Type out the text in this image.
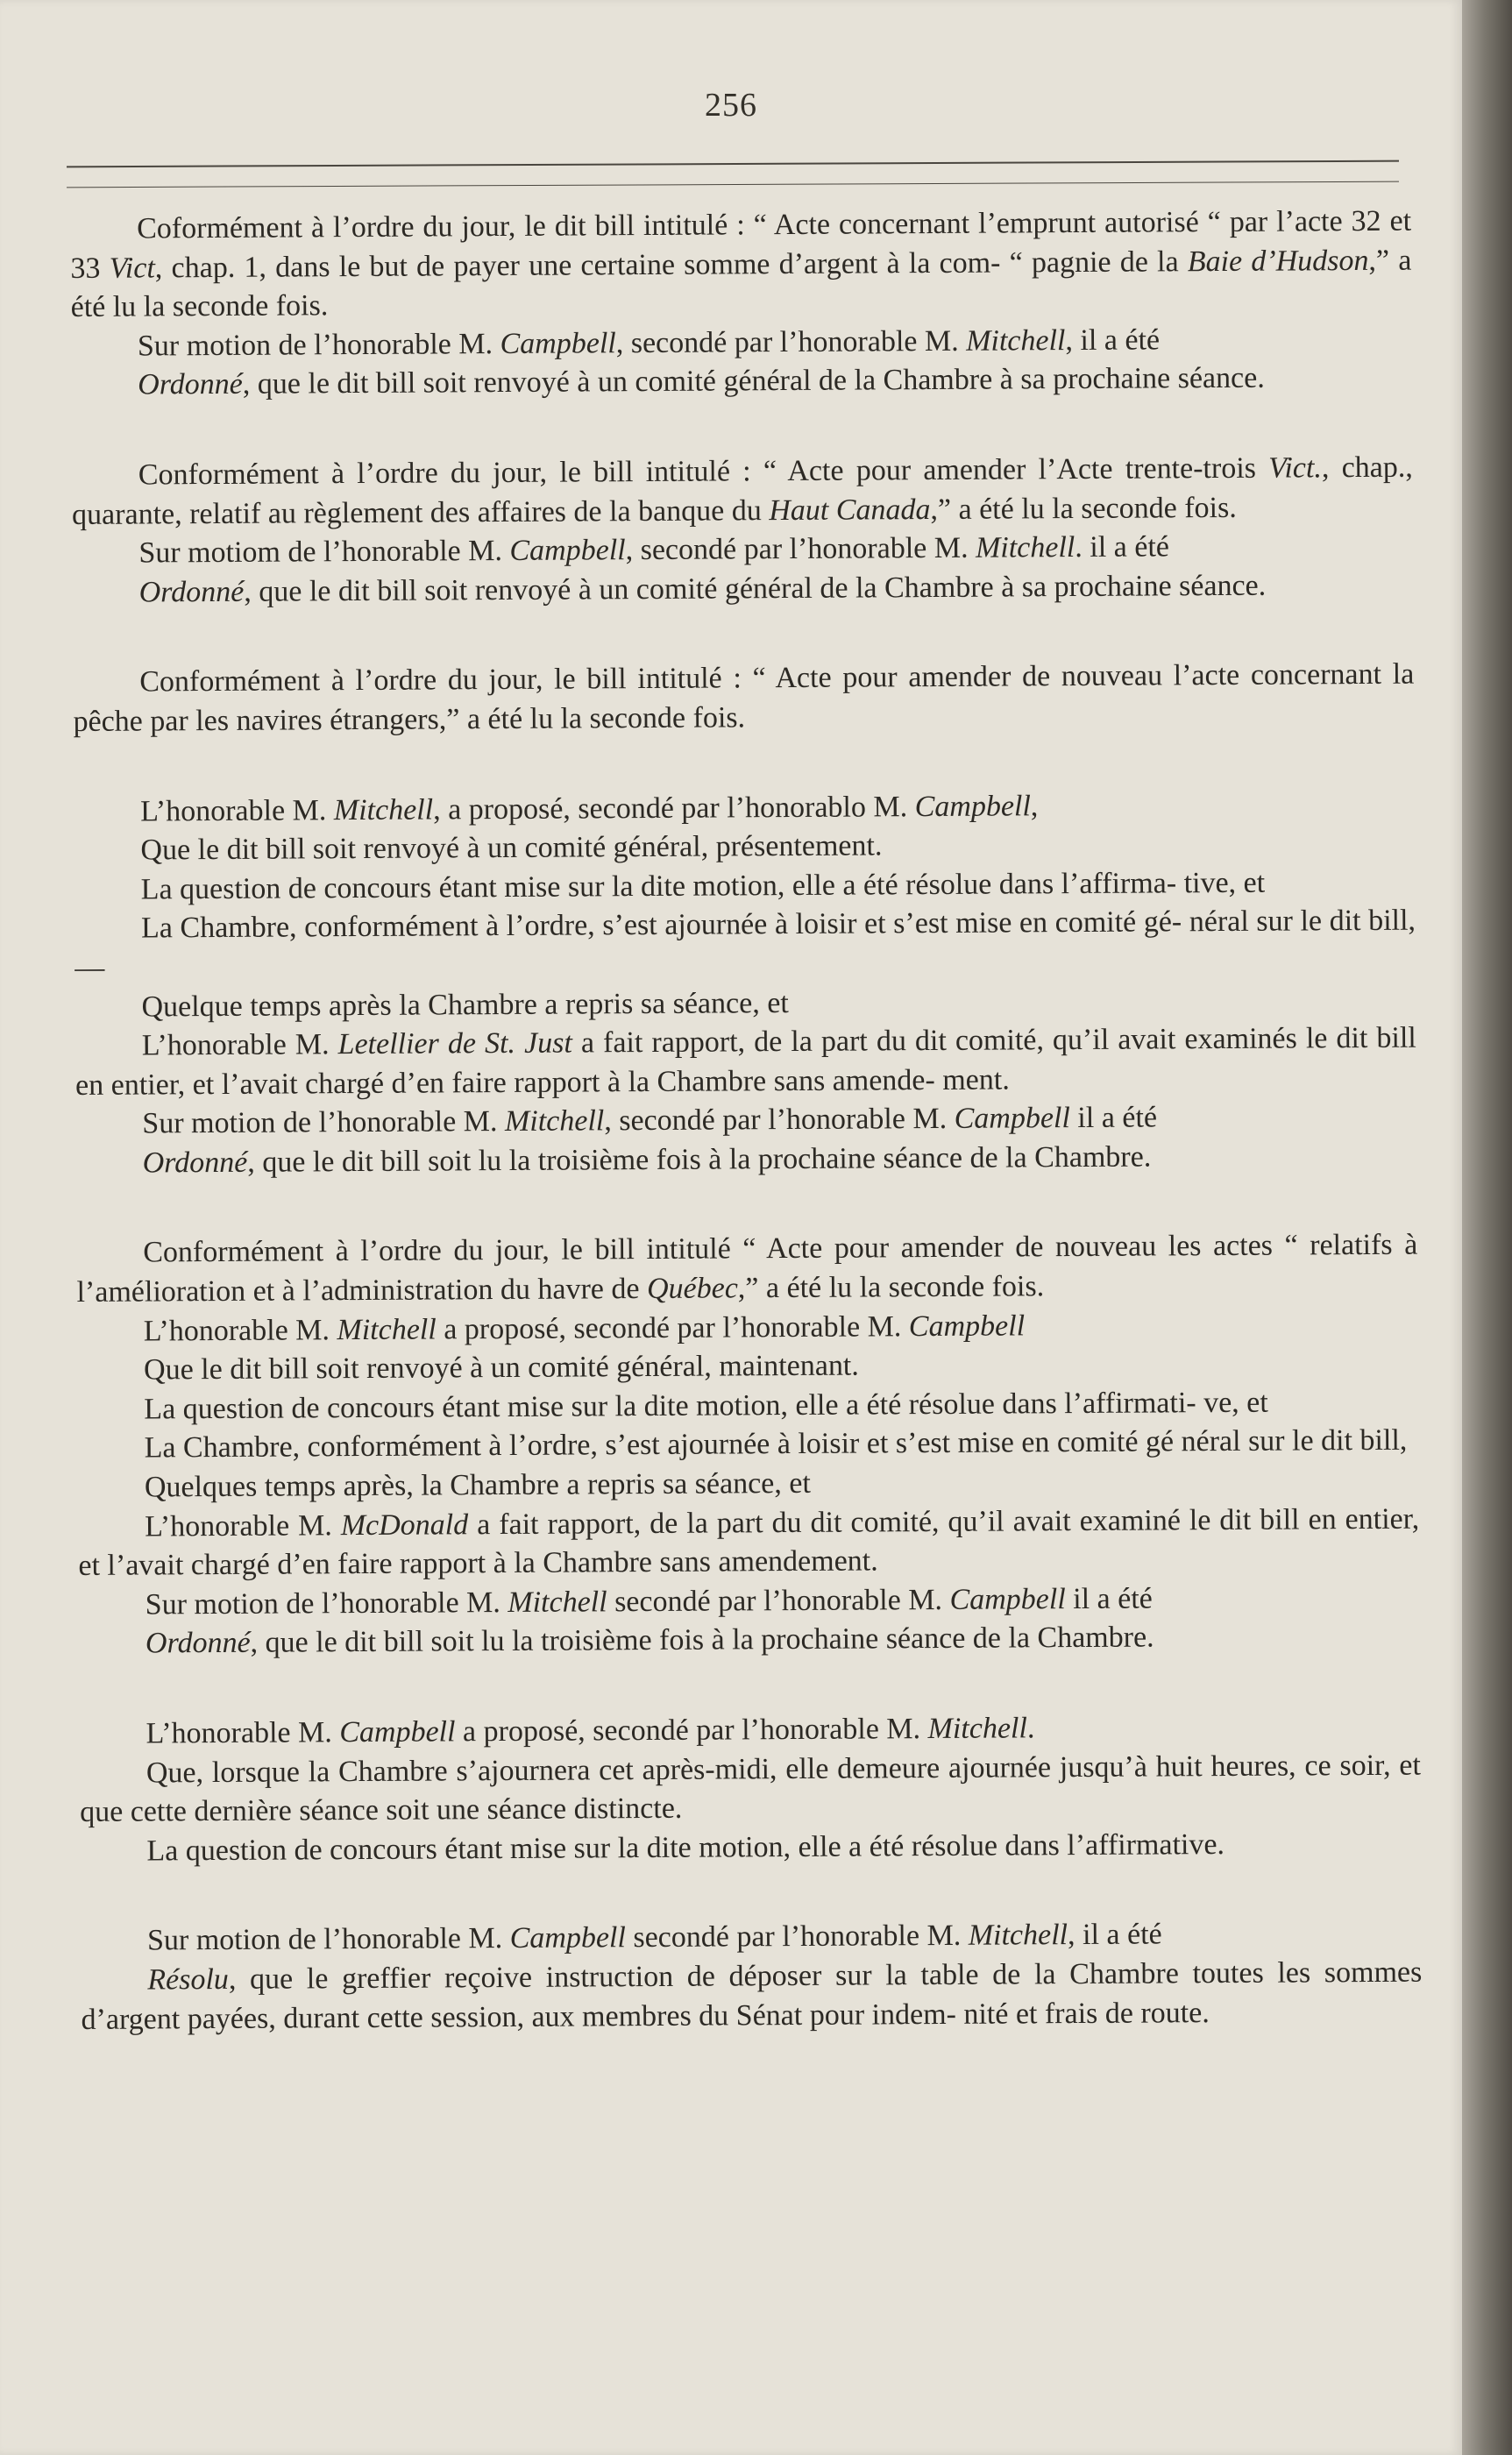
256

Coformément à l’ordre du jour, le dit bill intitulé : “ Acte concernant l’emprunt autorisé “ par l’acte 32 et 33 Vict, chap. 1, dans le but de payer une certaine somme d’argent à la com- “ pagnie de la Baie d’Hudson,” a été lu la seconde fois.

Sur motion de l’honorable M. Campbell, secondé par l’honorable M. Mitchell, il a été

Ordonné, que le dit bill soit renvoyé à un comité général de la Chambre à sa prochaine séance.

Conformément à l’ordre du jour, le bill intitulé : “ Acte pour amender l’Acte trente-trois Vict., chap., quarante, relatif au règlement des affaires de la banque du Haut Canada,” a été lu la seconde fois.

Sur motiom de l’honorable M. Campbell, secondé par l’honorable M. Mitchell. il a été

Ordonné, que le dit bill soit renvoyé à un comité général de la Chambre à sa prochaine séance.

Conformément à l’ordre du jour, le bill intitulé : “ Acte pour amender de nouveau l’acte concernant la pêche par les navires étrangers,” a été lu la seconde fois.

L’honorable M. Mitchell, a proposé, secondé par l’honorablo M. Campbell,

Que le dit bill soit renvoyé à un comité général, présentement.

La question de concours étant mise sur la dite motion, elle a été résolue dans l’affirma- tive, et

La Chambre, conformément à l’ordre, s’est ajournée à loisir et s’est mise en comité gé- néral sur le dit bill,—

Quelque temps après la Chambre a repris sa séance, et

L’honorable M. Letellier de St. Just a fait rapport, de la part du dit comité, qu’il avait examinés le dit bill en entier, et l’avait chargé d’en faire rapport à la Chambre sans amende- ment.

Sur motion de l’honorable M. Mitchell, secondé par l’honorable M. Campbell il a été

Ordonné, que le dit bill soit lu la troisième fois à la prochaine séance de la Chambre.

Conformément à l’ordre du jour, le bill intitulé “ Acte pour amender de nouveau les actes “ relatifs à l’amélioration et à l’administration du havre de Québec,” a été lu la seconde fois.

L’honorable M. Mitchell a proposé, secondé par l’honorable M. Campbell

Que le dit bill soit renvoyé à un comité général, maintenant.

La question de concours étant mise sur la dite motion, elle a été résolue dans l’affirmati- ve, et

La Chambre, conformément à l’ordre, s’est ajournée à loisir et s’est mise en comité gé néral sur le dit bill,

Quelques temps après, la Chambre a repris sa séance, et

L’honorable M. McDonald a fait rapport, de la part du dit comité, qu’il avait examiné le dit bill en entier, et l’avait chargé d’en faire rapport à la Chambre sans amendement.

Sur motion de l’honorable M. Mitchell secondé par l’honorable M. Campbell il a été

Ordonné, que le dit bill soit lu la troisième fois à la prochaine séance de la Chambre.

L’honorable M. Campbell a proposé, secondé par l’honorable M. Mitchell.

Que, lorsque la Chambre s’ajournera cet après-midi, elle demeure ajournée jusqu’à huit heures, ce soir, et que cette dernière séance soit une séance distincte.

La question de concours étant mise sur la dite motion, elle a été résolue dans l’affirmative.

Sur motion de l’honorable M. Campbell secondé par l’honorable M. Mitchell, il a été

Résolu, que le greffier reçoive instruction de déposer sur la table de la Chambre toutes les sommes d’argent payées, durant cette session, aux membres du Sénat pour indem- nité et frais de route.
